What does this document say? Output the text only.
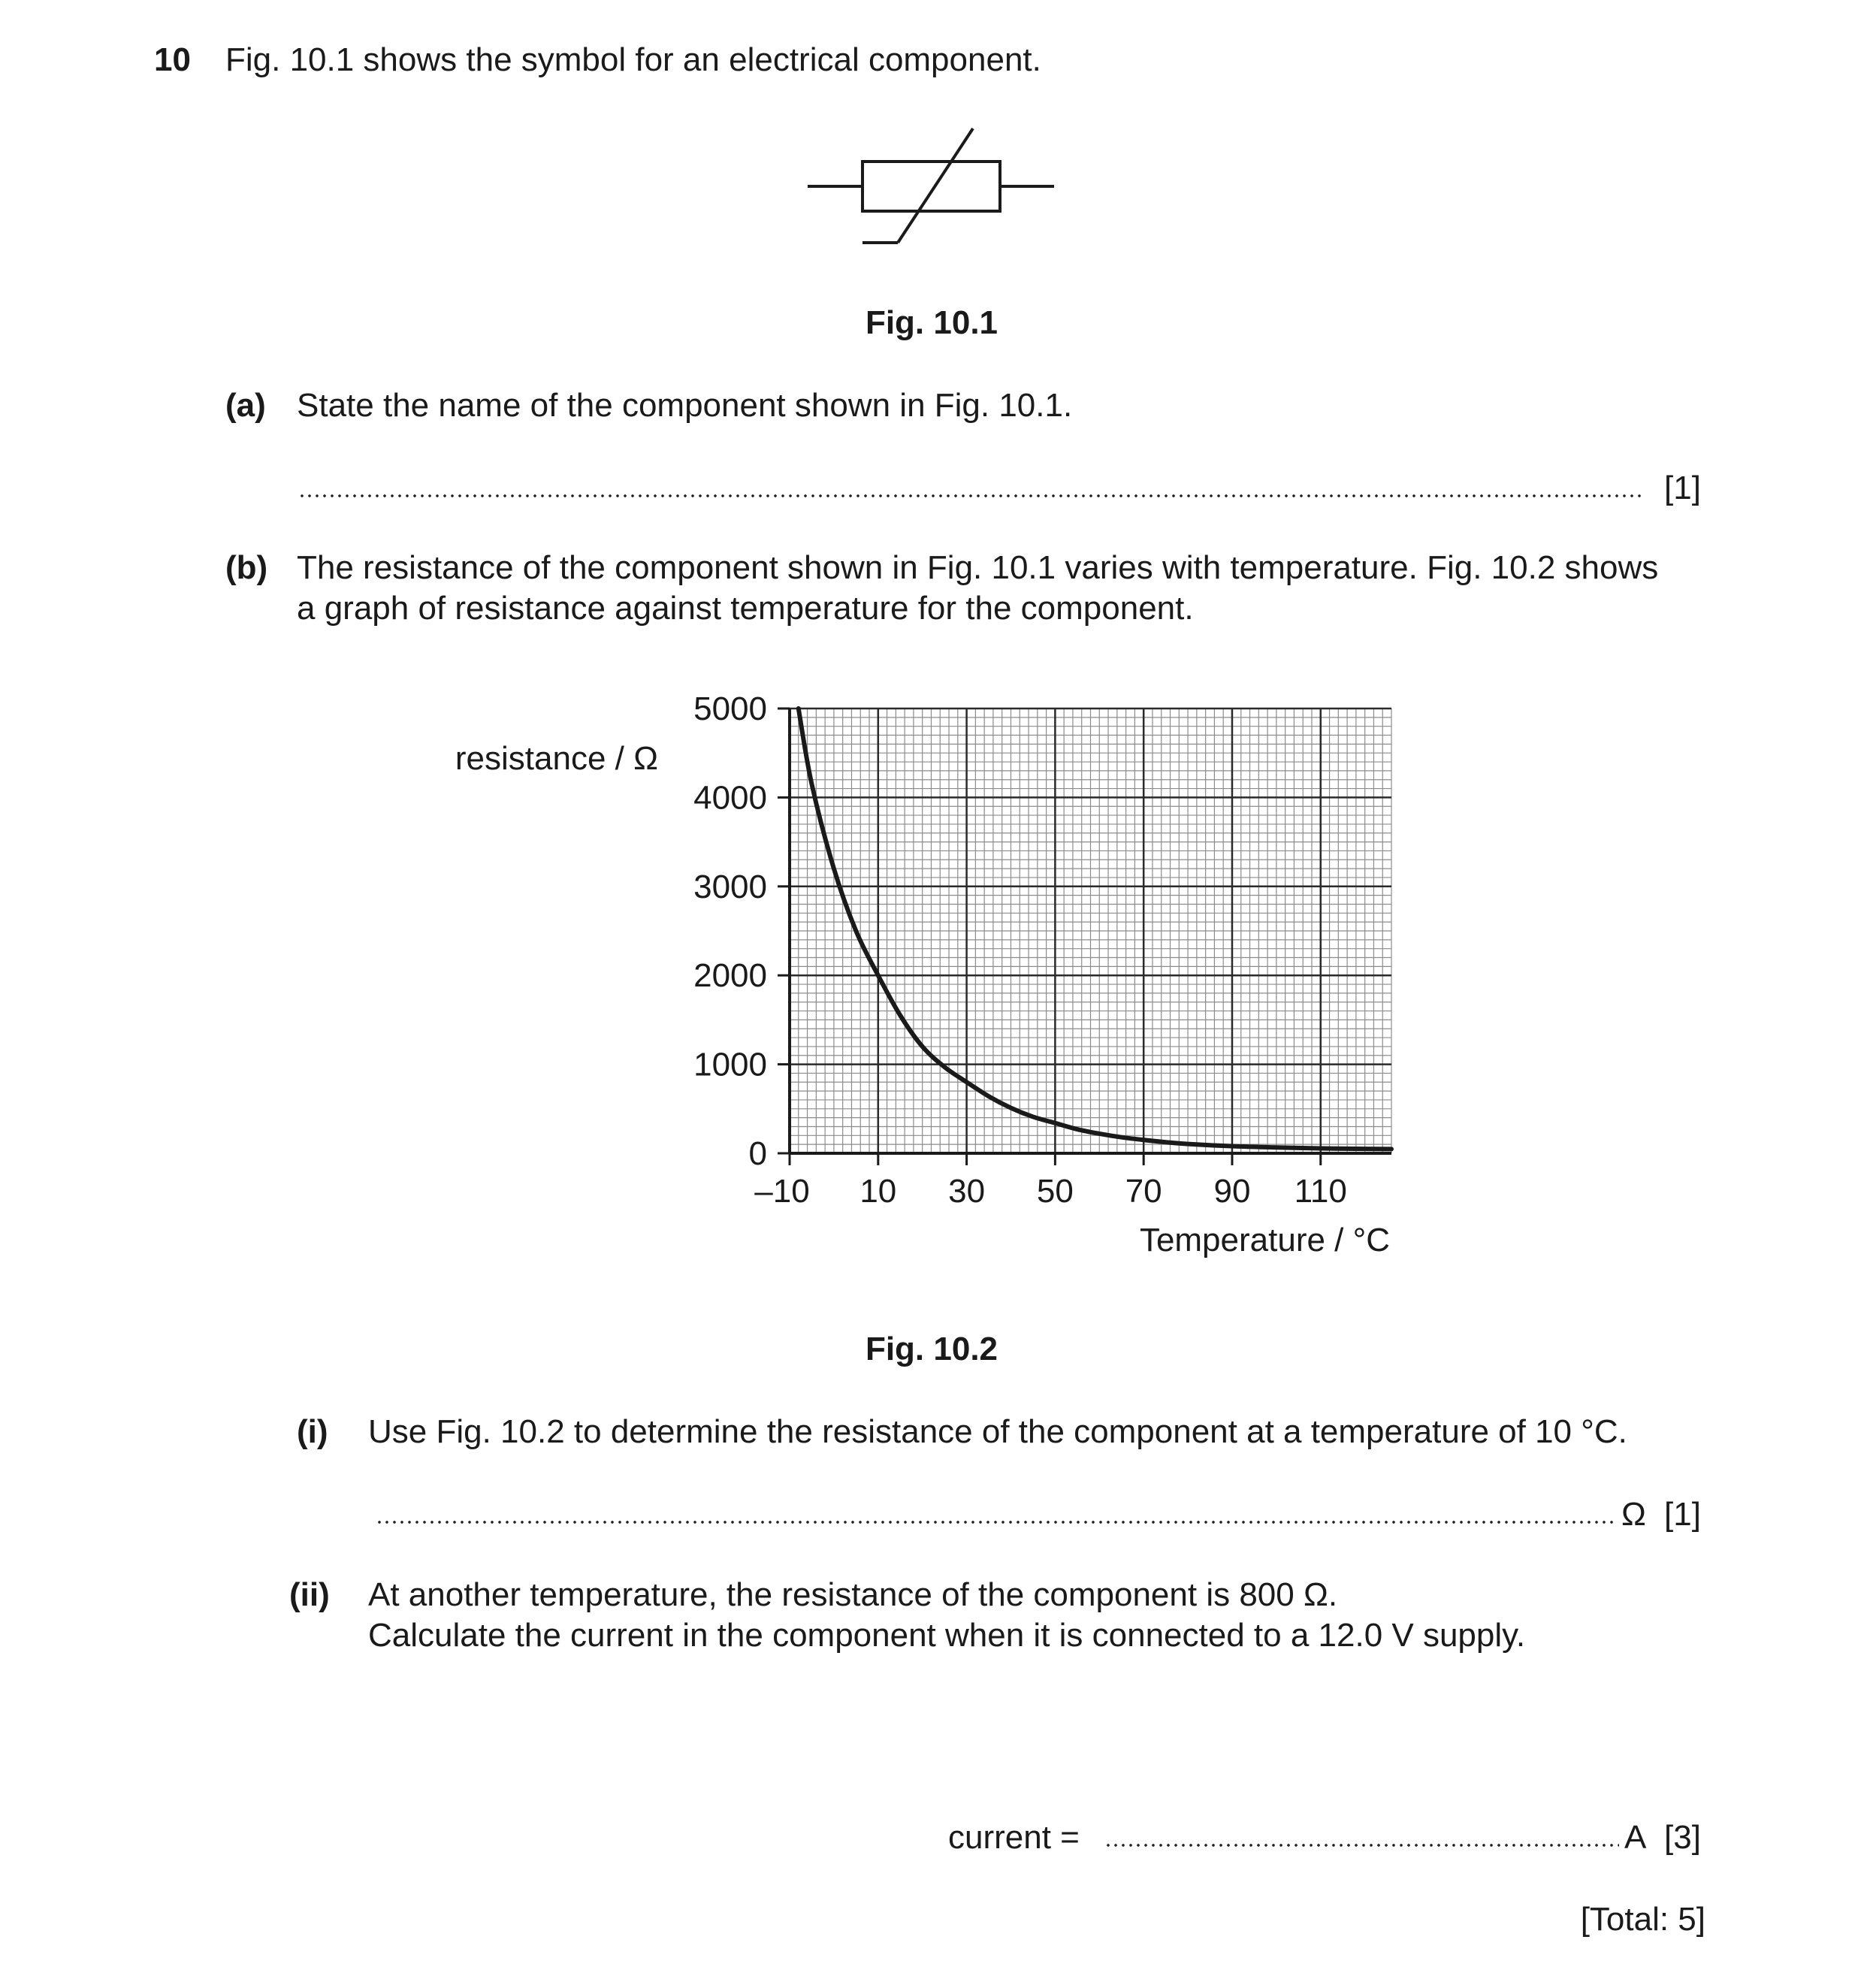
10 Fig. 10.1 shows the symbol for an electrical component.
Fig. 10.1
(a) State the name of the component shown in Fig. 10.1.
[1]
(b) The resistance of the component shown in Fig. 10.1 varies with temperature. Fig. 10.2 shows
a graph of resistance against temperature for the component.
–10 10 30 50 70 90 110
0
1000
2000
3000
4000
5000
resistance / Ω
Temperature / °C
Fig. 10.2
(i) Use Fig. 10.2 to determine the resistance of the component at a temperature of 10 °C.
Ω [1]
(ii) At another temperature, the resistance of the component is 800 Ω.
Calculate the current in the component when it is connected to a 12.0 V supply.
current =	A [3]
[Total: 5]
